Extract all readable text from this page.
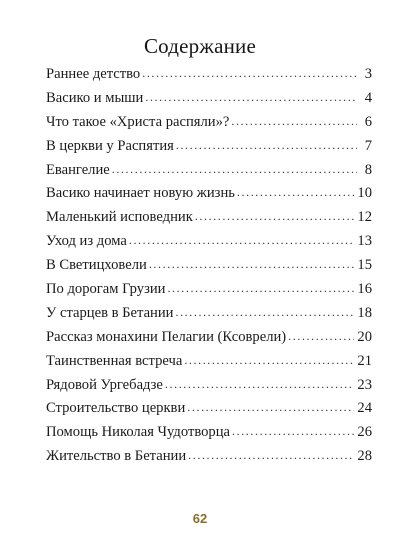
Содержание
Раннее детство .....	3
Васико и мыши .....	4
Что такое «Христа распяли»? .....	6
В церкви у Распятия .....	7
Евангелие .....	8
Васико начинает новую жизнь .....	10
Маленький исповедник .....	12
Уход из дома .....	13
В Светицховели .....	15
По дорогам Грузии .....	16
У старцев в Бетании .....	18
Рассказ монахини Пелагии (Ксоврели) .....	20
Таинственная встреча .....	21
Рядовой Ургебадзе .....	23
Строительство церкви .....	24
Помощь Николая Чудотворца .....	26
Жительство в Бетании .....	28
62
